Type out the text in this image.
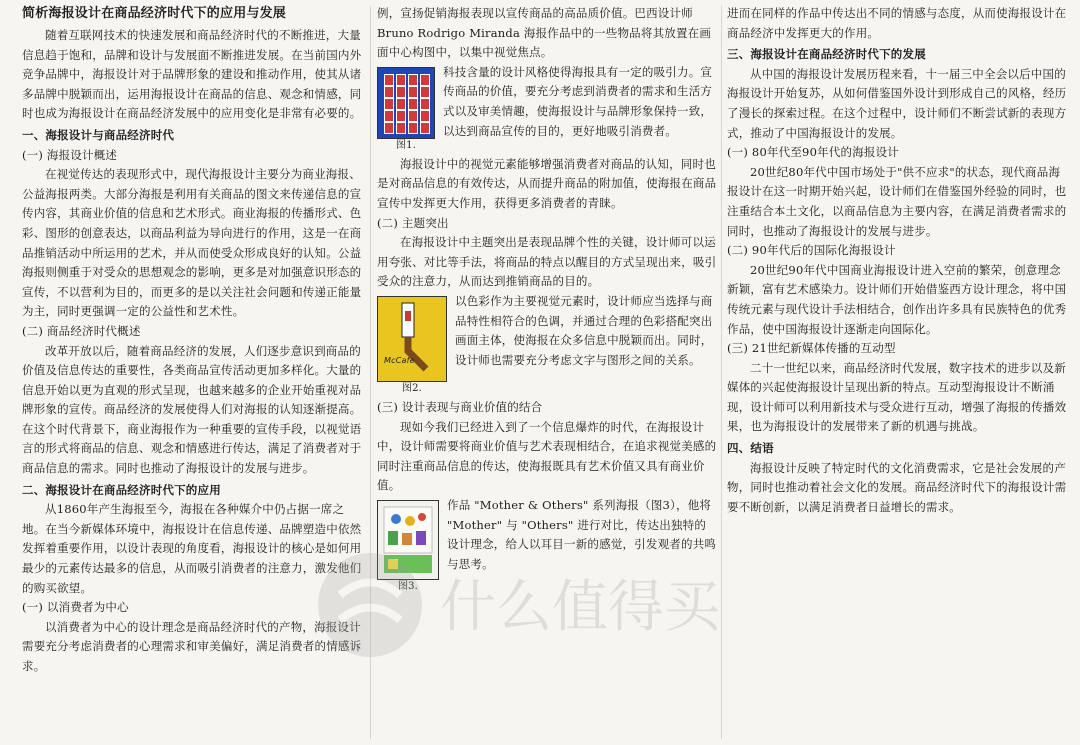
简析海报设计在商品经济时代下的应用与发展

随着互联网技术的快速发展和商品经济时代的不断推进，大量信息趋于饱和，品牌和设计与发展面不断推进发展。在当前国内外竞争品牌中，海报设计对于品牌形象的建设和推动作用，使其从诸多品牌中脱颖而出，运用海报设计在商品的信息、观念和情感，同时也成为海报设计在商品经济发展中的应用变化是非常有必要的。

一、海报设计与商品经济时代
(一) 海报设计概述

在视觉传达的表现形式中，现代海报设计主要分为商业海报、公益海报两类。大部分海报是利用有关商品的图文来传递信息的宣传内容，其商业价值的信息和艺术形式。商业海报的传播形式、色彩、图形的创意表达，以商品利益为导向进行的作用，这是一在商品推销活动中所运用的艺术，并从而使受众形成良好的认知。公益海报则侧重于对受众的思想观念的影响，更多是对加强意识形态的宣传，不以营利为目的，而更多的是以关注社会问题和传递正能量为主，同时更强调一定的公益性和艺术性。

(二) 商品经济时代概述

改革开放以后，随着商品经济的发展，人们逐步意识到商品的价值及信息传达的重要性，各类商品宣传活动更加多样化。大量的信息开始以更为直观的形式呈现，也越来越多的企业开始重视对品牌形象的宣传。商品经济的发展使得人们对海报的认知逐渐提高。在这个时代背景下，商业海报作为一种重要的宣传手段，以视觉语言的形式将商品的信息、观念和情感进行传达，满足了消费者对于商品信息的需求。同时也推动了海报设计的发展与进步。

二、海报设计在商品经济时代下的应用

从1860年产生海报至今，海报在各种媒介中仍占据一席之地。在当今新媒体环境中，海报设计在信息传递、品牌塑造中依然发挥着重要作用，以设计表现的角度看，海报设计的核心是如何用最少的元素传达最多的信息，从而吸引消费者的注意力，激发他们的购买欲望。

(一) 以消费者为中心

以消费者为中心的设计理念是商品经济时代的产物，海报设计需要充分考虑消费者的心理需求和审美偏好，满足消费者的情感诉求。

例，宣扬促销海报表现以宣传商品的高品质价值。巴西设计师 Bruno Rodrigo Miranda 海报作品中的一些物品将其放置在画面中心构图中，以集中视觉焦点。

图1.
科技含量的设计风格使得海报具有一定的吸引力。宣传商品的价值，要充分考虑到消费者的需求和生活方式以及审美情趣，使海报设计与品牌形象保持一致，以达到商品宣传的目的，更好地吸引消费者。

海报设计中的视觉元素能够增强消费者对商品的认知，同时也是对商品信息的有效传达，从而提升商品的附加值，使海报在商品宣传中发挥更大作用，获得更多消费者的青睐。

(二) 主题突出

在海报设计中主题突出是表现品牌个性的关键，设计师可以运用夸张、对比等手法，将商品的特点以醒目的方式呈现出来，吸引受众的注意力，从而达到推销商品的目的。

McCafe
图2.
以色彩作为主要视觉元素时，设计师应当选择与商品特性相符合的色调，并通过合理的色彩搭配突出画面主体，使海报在众多信息中脱颖而出。同时，设计师也需要充分考虑文字与图形之间的关系。
(三) 设计表现与商业价值的结合

现如今我们已经进入到了一个信息爆炸的时代，在海报设计中，设计师需要将商业价值与艺术表现相结合，在追求视觉美感的同时注重商品信息的传达，使海报既具有艺术价值又具有商业价值。

图3.
作品 "Mother & Others" 系列海报（图3），他将 "Mother" 与 "Others" 进行对比，传达出独特的设计理念，给人以耳目一新的感觉，引发观者的共鸣与思考。

进而在同样的作品中传达出不同的情感与态度，从而使海报设计在商品经济中发挥更大的作用。

三、海报设计在商品经济时代下的发展

从中国的海报设计发展历程来看，十一届三中全会以后中国的海报设计开始复苏，从如何借鉴国外设计到形成自己的风格，经历了漫长的探索过程。在这个过程中，设计师们不断尝试新的表现方式，推动了中国海报设计的发展。

(一) 80年代至90年代的海报设计

20世纪80年代中国市场处于"供不应求"的状态，现代商品海报设计在这一时期开始兴起，设计师们在借鉴国外经验的同时，也注重结合本土文化，以商品信息为主要内容，在满足消费者需求的同时，也推动了海报设计的发展与进步。

(二) 90年代后的国际化海报设计

20世纪90年代中国商业海报设计进入空前的繁荣，创意理念新颖，富有艺术感染力。设计师们开始借鉴西方设计理念，将中国传统元素与现代设计手法相结合，创作出许多具有民族特色的优秀作品，使中国海报设计逐渐走向国际化。

(三) 21世纪新媒体传播的互动型

二十一世纪以来，商品经济时代发展，数字技术的进步以及新媒体的兴起使海报设计呈现出新的特点。互动型海报设计不断涌现，设计师可以利用新技术与受众进行互动，增强了海报的传播效果，也为海报设计的发展带来了新的机遇与挑战。

四、结语

海报设计反映了特定时代的文化消费需求，它是社会发展的产物，同时也推动着社会文化的发展。商品经济时代下的海报设计需要不断创新，以满足消费者日益增长的需求。

什么值得买
